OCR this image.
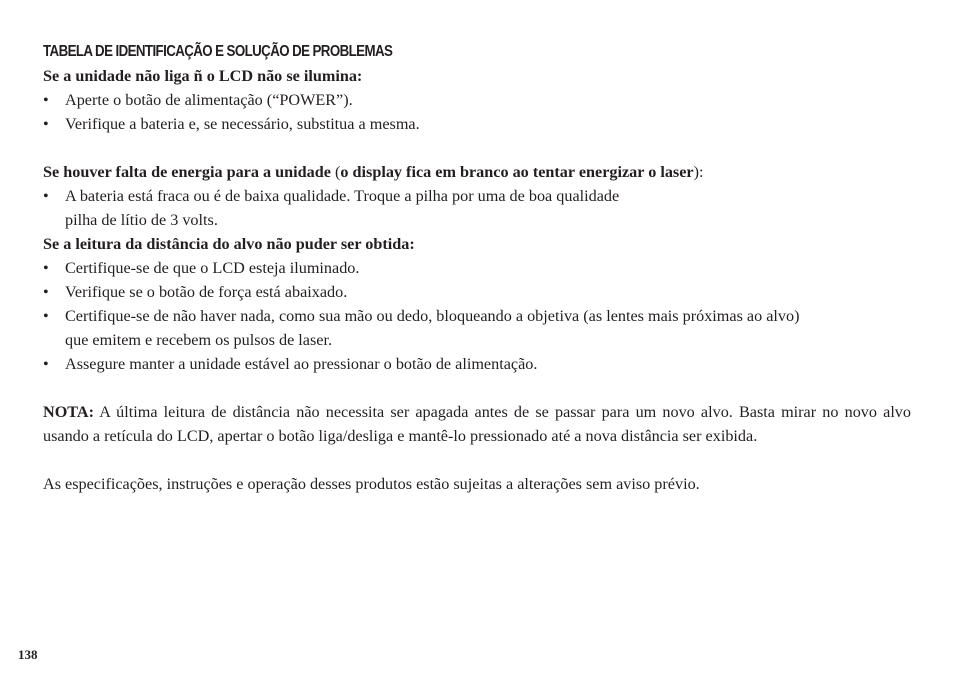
TABELA DE IDENTIFICAÇÃO E SOLUÇÃO DE PROBLEMAS
Se a unidade não liga ñ o LCD não se ilumina:
• Aperte o botão de alimentação (“POWER”).
• Verifique a bateria e, se necessário, substitua a mesma.
Se houver falta de energia para a unidade (o display fica em branco ao tentar energizar o laser):
• A bateria está fraca ou é de baixa qualidade. Troque a pilha por uma de boa qualidade
pilha de lítio de 3 volts.
Se a leitura da distância do alvo não puder ser obtida:
• Certifique-se de que o LCD esteja iluminado.
• Verifique se o botão de força está abaixado.
• Certifique-se de não haver nada, como sua mão ou dedo, bloqueando a objetiva (as lentes mais próximas ao alvo)
que emitem e recebem os pulsos de laser.
• Assegure manter a unidade estável ao pressionar o botão de alimentação.
NOTA: A última leitura de distância não necessita ser apagada antes de se passar para um novo alvo. Basta mirar no novo alvo usando a retícula do LCD, apertar o botão liga/desliga e mantê-lo pressionado até a nova distância ser exibida.
As especificações, instruções e operação desses produtos estão sujeitas a alterações sem aviso prévio.
138
